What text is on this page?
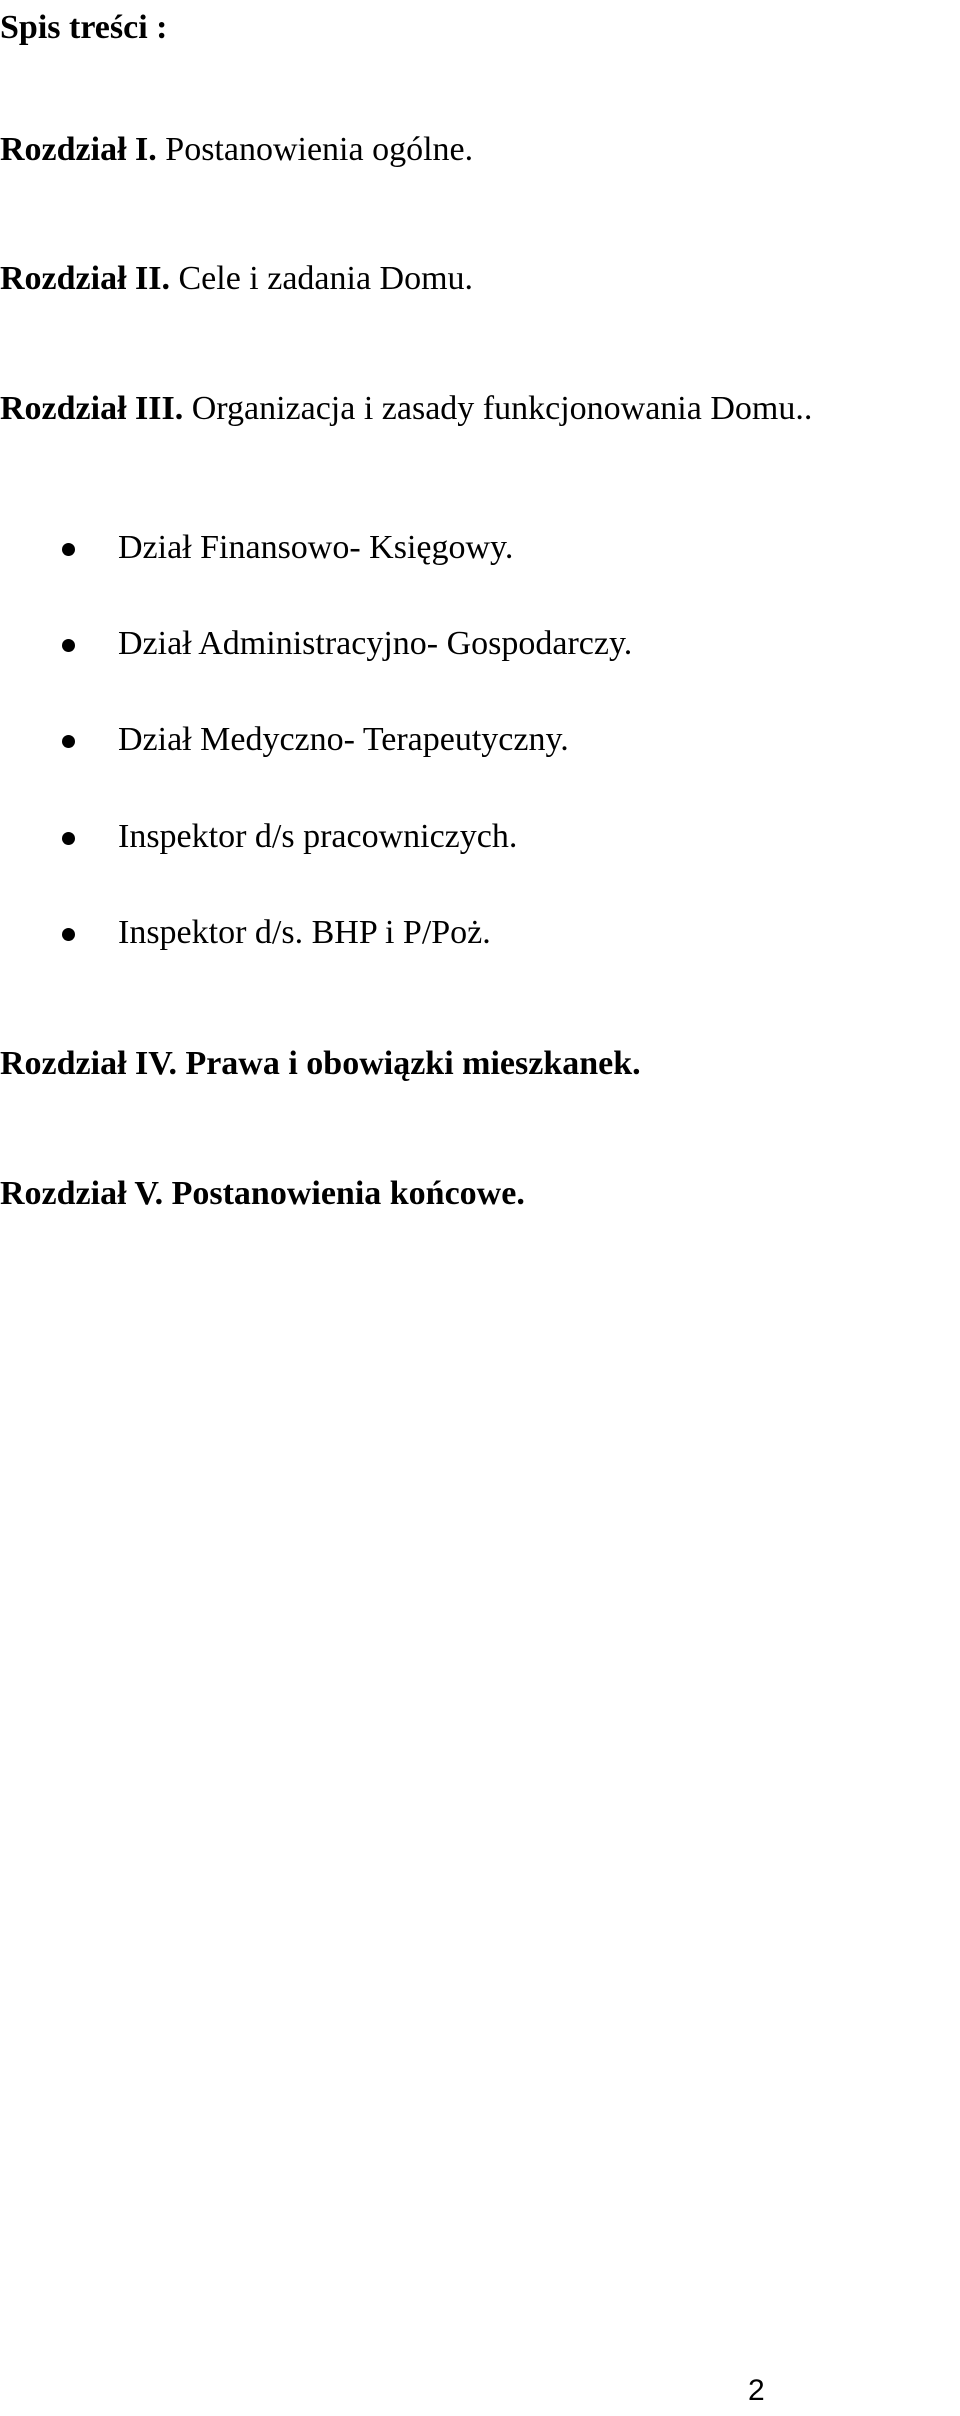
Spis treści :
Rozdział I. Postanowienia ogólne.
Rozdział II. Cele i zadania Domu.
Rozdział III. Organizacja i zasady funkcjonowania Domu..
Dział Finansowo- Księgowy.
Dział Administracyjno- Gospodarczy.
Dział Medyczno- Terapeutyczny.
Inspektor d/s pracowniczych.
Inspektor d/s. BHP i P/Poż.
Rozdział IV. Prawa i obowiązki mieszkanek.
Rozdział V. Postanowienia końcowe.
2
